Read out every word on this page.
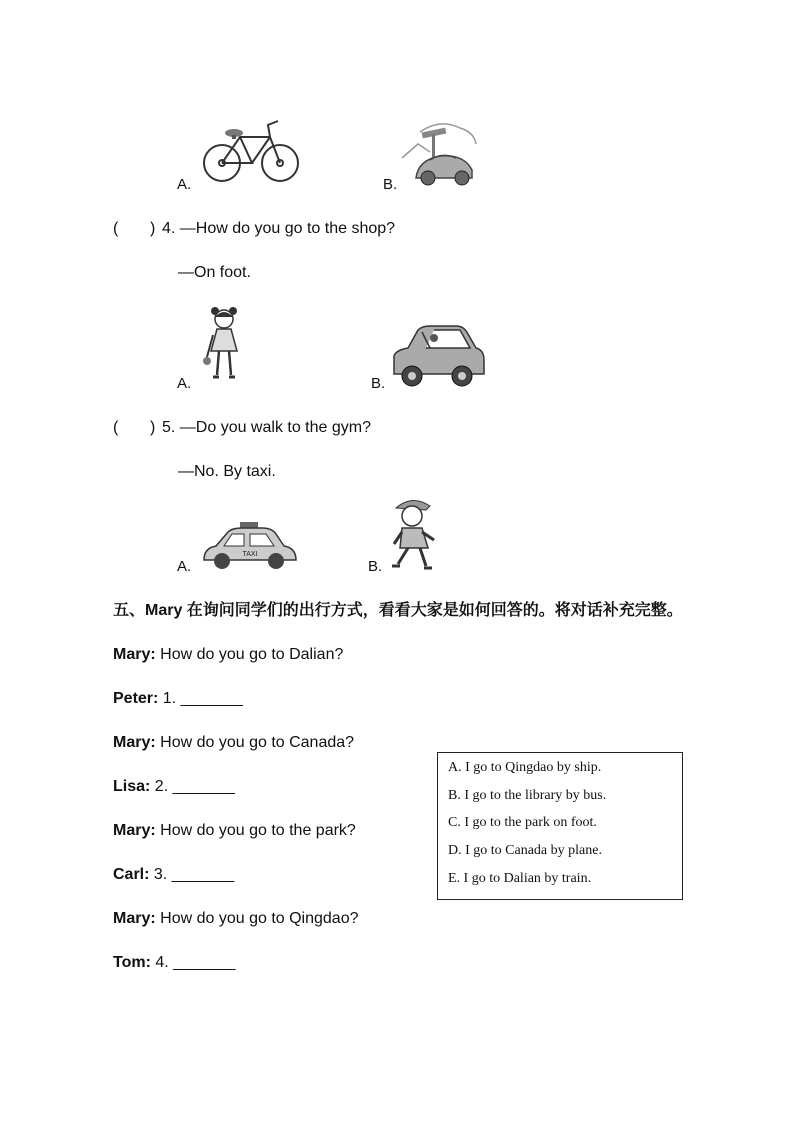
A.	B.
( ) 4. —How do you go to the shop?
—On foot.
A.	B.
( ) 5. —Do you walk to the gym?
—No. By taxi.
A.
TAXI
B.
五、Mary 在询问同学们的出行方式，看看大家是如何回答的。将对话补充完整。
Mary: How do you go to Dalian?
Peter: 1. _______
Mary: How do you go to Canada?
Lisa: 2. _______
Mary: How do you go to the park?
Carl: 3. _______
Mary: How do you go to Qingdao?
Tom: 4. _______
A. I go to Qingdao by ship.
B. I go to the library by bus.
C. I go to the park on foot.
D. I go to Canada by plane.
E. I go to Dalian by train.
